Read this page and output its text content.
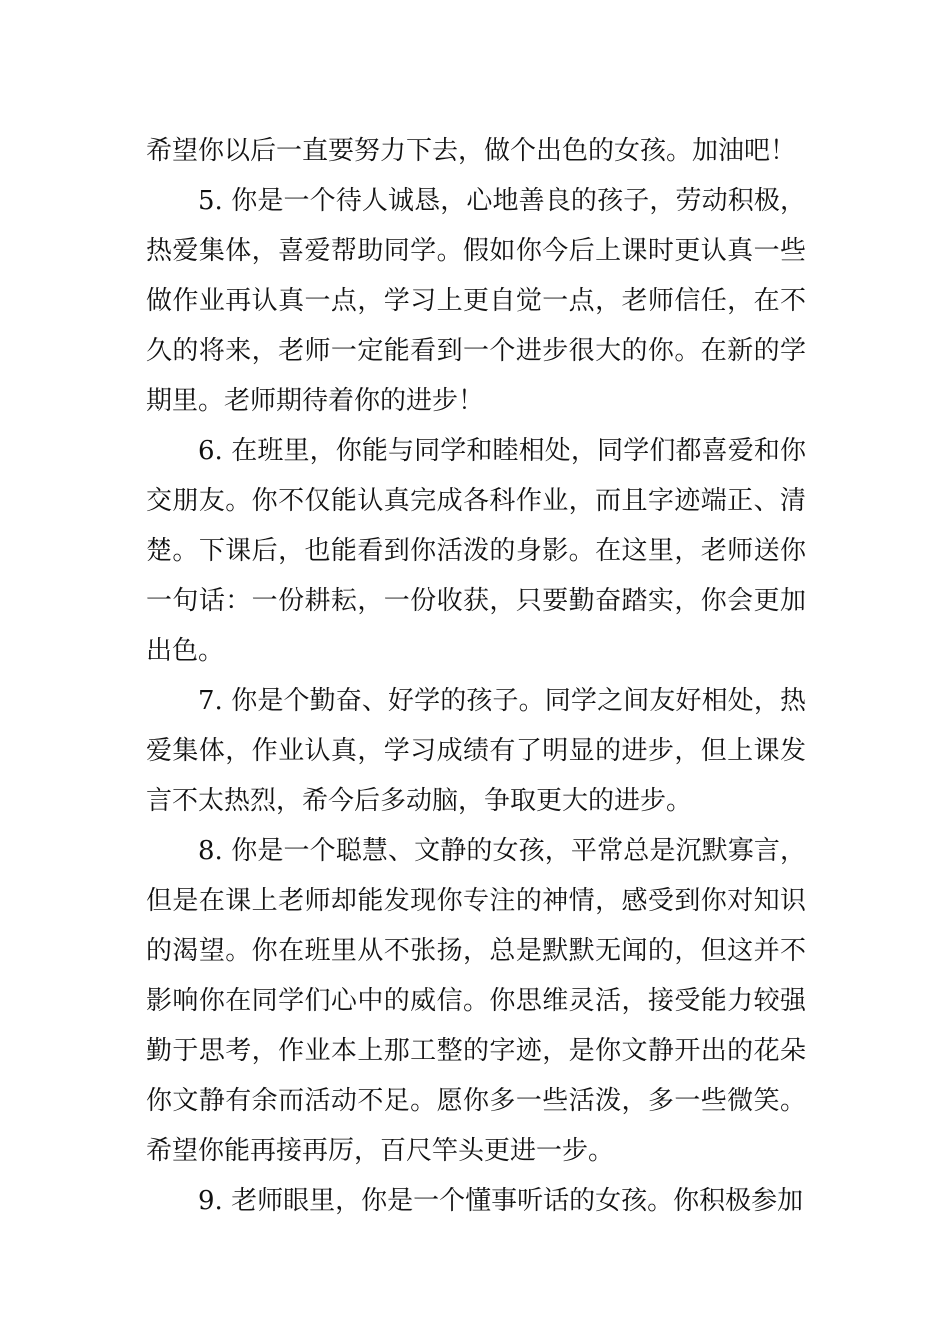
希望你以后一直要努力下去，做个出色的女孩。加油吧！

5. 你是一个待人诚恳，心地善良的孩子，劳动积极，热爱集体，喜爱帮助同学。假如你今后上课时更认真一些做作业再认真一点，学习上更自觉一点，老师信任，在不久的将来，老师一定能看到一个进步很大的你。在新的学期里。老师期待着你的进步！

6. 在班里，你能与同学和睦相处，同学们都喜爱和你交朋友。你不仅能认真完成各科作业，而且字迹端正、清楚。下课后，也能看到你活泼的身影。在这里，老师送你一句话：一份耕耘，一份收获，只要勤奋踏实，你会更加出色。

7. 你是个勤奋、好学的孩子。同学之间友好相处，热爱集体，作业认真，学习成绩有了明显的进步，但上课发言不太热烈，希今后多动脑，争取更大的进步。

8. 你是一个聪慧、文静的女孩，平常总是沉默寡言，但是在课上老师却能发现你专注的神情，感受到你对知识的渴望。你在班里从不张扬，总是默默无闻的，但这并不影响你在同学们心中的威信。你思维灵活，接受能力较强勤于思考，作业本上那工整的字迹，是你文静开出的花朵你文静有余而活动不足。愿你多一些活泼，多一些微笑。希望你能再接再厉，百尺竿头更进一步。

9. 老师眼里，你是一个懂事听话的女孩。你积极参加
